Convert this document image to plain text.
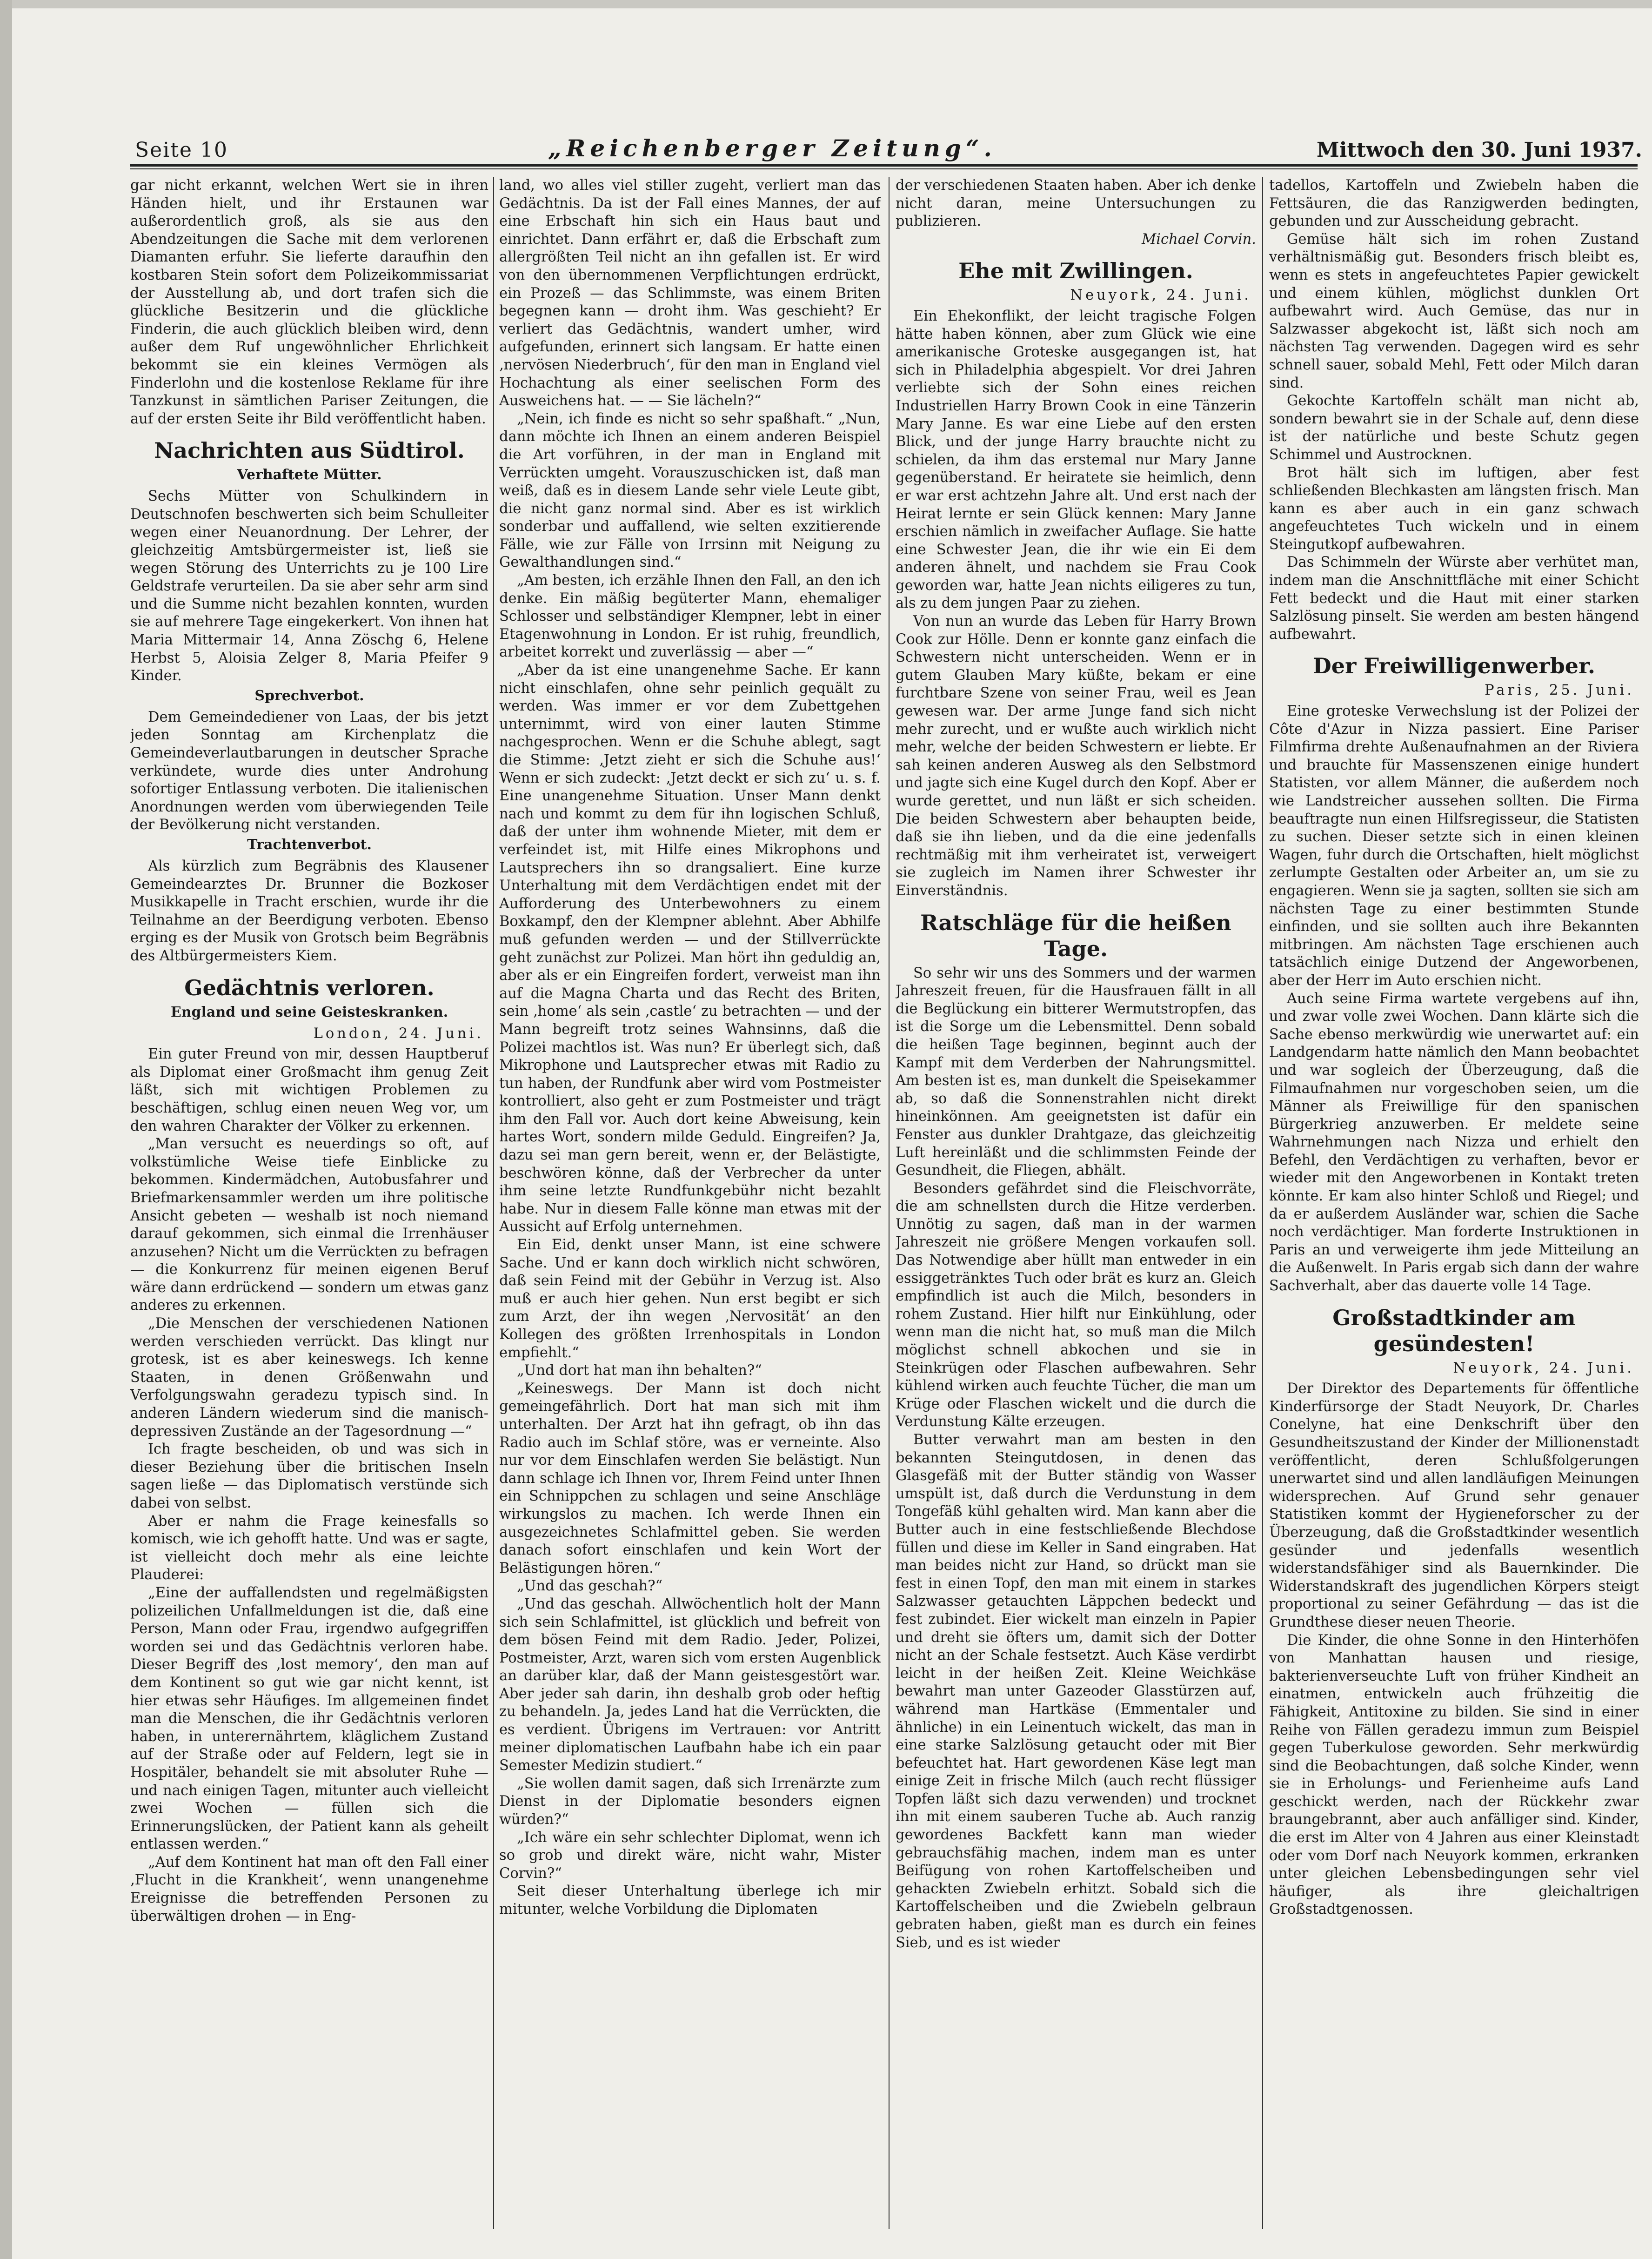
Seite 10	„Reichenberger Zeitung“.	Mittwoch den 30. Juni 1937.

gar nicht erkannt, welchen Wert sie in ihren Händen hielt, und ihr Erstaunen war außerordentlich groß, als sie aus den Abendzeitungen die Sache mit dem verlorenen Diamanten erfuhr. Sie lieferte daraufhin den kostbaren Stein sofort dem Polizeikommissariat der Ausstellung ab, und dort trafen sich die glückliche Besitzerin und die glückliche Finderin, die auch glücklich bleiben wird, denn außer dem Ruf ungewöhnlicher Ehrlichkeit bekommt sie ein kleines Vermögen als Finderlohn und die kostenlose Reklame für ihre Tanzkunst in sämtlichen Pariser Zeitungen, die auf der ersten Seite ihr Bild veröffentlicht haben.

Nachrichten aus Südtirol.
Verhaftete Mütter.

Sechs Mütter von Schulkindern in Deutschnofen beschwerten sich beim Schulleiter wegen einer Neuanordnung. Der Lehrer, der gleichzeitig Amtsbürgermeister ist, ließ sie wegen Störung des Unterrichts zu je 100 Lire Geldstrafe verurteilen. Da sie aber sehr arm sind und die Summe nicht bezahlen konnten, wurden sie auf mehrere Tage eingekerkert. Von ihnen hat Maria Mittermair 14, Anna Zöschg 6, Helene Herbst 5, Aloisia Zelger 8, Maria Pfeifer 9 Kinder.

Sprechverbot.

Dem Gemeindediener von Laas, der bis jetzt jeden Sonntag am Kirchenplatz die Gemeindeverlautbarungen in deutscher Sprache verkündete, wurde dies unter Androhung sofortiger Entlassung verboten. Die italienischen Anordnungen werden vom überwiegenden Teile der Bevölkerung nicht verstanden.

Trachtenverbot.

Als kürzlich zum Begräbnis des Klausener Gemeindearztes Dr. Brunner die Bozkoser Musikkapelle in Tracht erschien, wurde ihr die Teilnahme an der Beerdigung verboten. Ebenso erging es der Musik von Grotsch beim Begräbnis des Altbürgermeisters Kiem.

Gedächtnis verloren.
England und seine Geisteskranken.

London, 24. Juni.

Ein guter Freund von mir, dessen Hauptberuf als Diplomat einer Großmacht ihm genug Zeit läßt, sich mit wichtigen Problemen zu beschäftigen, schlug einen neuen Weg vor, um den wahren Charakter der Völker zu erkennen.

„Man versucht es neuerdings so oft, auf volkstümliche Weise tiefe Einblicke zu bekommen. Kindermädchen, Autobusfahrer und Briefmarkensammler werden um ihre politische Ansicht gebeten — weshalb ist noch niemand darauf gekommen, sich einmal die Irrenhäuser anzusehen? Nicht um die Verrückten zu befragen — die Konkurrenz für meinen eigenen Beruf wäre dann erdrückend — sondern um etwas ganz anderes zu erkennen.

„Die Menschen der verschiedenen Nationen werden verschieden verrückt. Das klingt nur grotesk, ist es aber keineswegs. Ich kenne Staaten, in denen Größenwahn und Verfolgungswahn geradezu typisch sind. In anderen Ländern wiederum sind die manisch-depressiven Zustände an der Tagesordnung —“

Ich fragte bescheiden, ob und was sich in dieser Beziehung über die britischen Inseln sagen ließe — das Diplomatisch verstünde sich dabei von selbst.

Aber er nahm die Frage keinesfalls so komisch, wie ich gehofft hatte. Und was er sagte, ist vielleicht doch mehr als eine leichte Plauderei:

„Eine der auffallendsten und regelmäßigsten polizeilichen Unfallmeldungen ist die, daß eine Person, Mann oder Frau, irgendwo aufgegriffen worden sei und das Gedächtnis verloren habe. Dieser Begriff des ‚lost memory‘, den man auf dem Kontinent so gut wie gar nicht kennt, ist hier etwas sehr Häufiges. Im allgemeinen findet man die Menschen, die ihr Gedächtnis verloren haben, in unterernährtem, kläglichem Zustand auf der Straße oder auf Feldern, legt sie in Hospitäler, behandelt sie mit absoluter Ruhe — und nach einigen Tagen, mitunter auch vielleicht zwei Wochen — füllen sich die Erinnerungslücken, der Patient kann als geheilt entlassen werden.“

„Auf dem Kontinent hat man oft den Fall einer ‚Flucht in die Krankheit‘, wenn unangenehme Ereignisse die betreffenden Personen zu überwältigen drohen — in Eng-

land, wo alles viel stiller zugeht, verliert man das Gedächtnis. Da ist der Fall eines Mannes, der auf eine Erbschaft hin sich ein Haus baut und einrichtet. Dann erfährt er, daß die Erbschaft zum allergrößten Teil nicht an ihn gefallen ist. Er wird von den übernommenen Verpflichtungen erdrückt, ein Prozeß — das Schlimmste, was einem Briten begegnen kann — droht ihm. Was geschieht? Er verliert das Gedächtnis, wandert umher, wird aufgefunden, erinnert sich langsam. Er hatte einen ‚nervösen Niederbruch‘, für den man in England viel Hochachtung als einer seelischen Form des Ausweichens hat. — — Sie lächeln?“

„Nein, ich finde es nicht so sehr spaßhaft.“ „Nun, dann möchte ich Ihnen an einem anderen Beispiel die Art vorführen, in der man in England mit Verrückten umgeht. Vorauszuschicken ist, daß man weiß, daß es in diesem Lande sehr viele Leute gibt, die nicht ganz normal sind. Aber es ist wirklich sonderbar und auffallend, wie selten exzitierende Fälle, wie zur Fälle von Irrsinn mit Neigung zu Gewalthandlungen sind.“

„Am besten, ich erzähle Ihnen den Fall, an den ich denke. Ein mäßig begüterter Mann, ehemaliger Schlosser und selbständiger Klempner, lebt in einer Etagenwohnung in London. Er ist ruhig, freundlich, arbeitet korrekt und zuverlässig — aber —“

„Aber da ist eine unangenehme Sache. Er kann nicht einschlafen, ohne sehr peinlich gequält zu werden. Was immer er vor dem Zubettgehen unternimmt, wird von einer lauten Stimme nachgesprochen. Wenn er die Schuhe ablegt, sagt die Stimme: ‚Jetzt zieht er sich die Schuhe aus!‘ Wenn er sich zudeckt: ‚Jetzt deckt er sich zu‘ u. s. f. Eine unangenehme Situation. Unser Mann denkt nach und kommt zu dem für ihn logischen Schluß, daß der unter ihm wohnende Mieter, mit dem er verfeindet ist, mit Hilfe eines Mikrophons und Lautsprechers ihn so drangsaliert. Eine kurze Unterhaltung mit dem Verdächtigen endet mit der Aufforderung des Unterbewohners zu einem Boxkampf, den der Klempner ablehnt. Aber Abhilfe muß gefunden werden — und der Stillverrückte geht zunächst zur Polizei. Man hört ihn geduldig an, aber als er ein Eingreifen fordert, verweist man ihn auf die Magna Charta und das Recht des Briten, sein ‚home‘ als sein ‚castle‘ zu betrachten — und der Mann begreift trotz seines Wahnsinns, daß die Polizei machtlos ist. Was nun? Er überlegt sich, daß Mikrophone und Lautsprecher etwas mit Radio zu tun haben, der Rundfunk aber wird vom Postmeister kontrolliert, also geht er zum Postmeister und trägt ihm den Fall vor. Auch dort keine Abweisung, kein hartes Wort, sondern milde Geduld. Eingreifen? Ja, dazu sei man gern bereit, wenn er, der Belästigte, beschwören könne, daß der Verbrecher da unter ihm seine letzte Rundfunkgebühr nicht bezahlt habe. Nur in diesem Falle könne man etwas mit der Aussicht auf Erfolg unternehmen.

Ein Eid, denkt unser Mann, ist eine schwere Sache. Und er kann doch wirklich nicht schwören, daß sein Feind mit der Gebühr in Verzug ist. Also muß er auch hier gehen. Nun erst begibt er sich zum Arzt, der ihn wegen ‚Nervosität‘ an den Kollegen des größten Irrenhospitals in London empfiehlt.“

„Und dort hat man ihn behalten?“

„Keineswegs. Der Mann ist doch nicht gemeingefährlich. Dort hat man sich mit ihm unterhalten. Der Arzt hat ihn gefragt, ob ihn das Radio auch im Schlaf störe, was er verneinte. Also nur vor dem Einschlafen werden Sie belästigt. Nun dann schlage ich Ihnen vor, Ihrem Feind unter Ihnen ein Schnippchen zu schlagen und seine Anschläge wirkungslos zu machen. Ich werde Ihnen ein ausgezeichnetes Schlafmittel geben. Sie werden danach sofort einschlafen und kein Wort der Belästigungen hören.“

„Und das geschah?“

„Und das geschah. Allwöchentlich holt der Mann sich sein Schlafmittel, ist glücklich und befreit von dem bösen Feind mit dem Radio. Jeder, Polizei, Postmeister, Arzt, waren sich vom ersten Augenblick an darüber klar, daß der Mann geistesgestört war. Aber jeder sah darin, ihn deshalb grob oder heftig zu behandeln. Ja, jedes Land hat die Verrückten, die es verdient. Übrigens im Vertrauen: vor Antritt meiner diplomatischen Laufbahn habe ich ein paar Semester Medizin studiert.“

„Sie wollen damit sagen, daß sich Irrenärzte zum Dienst in der Diplomatie besonders eignen würden?“

„Ich wäre ein sehr schlechter Diplomat, wenn ich so grob und direkt wäre, nicht wahr, Mister Corvin?“

Seit dieser Unterhaltung überlege ich mir mitunter, welche Vorbildung die Diplomaten

der verschiedenen Staaten haben. Aber ich denke nicht daran, meine Untersuchungen zu publizieren.

Michael Corvin.

Ehe mit Zwillingen.

Neuyork, 24. Juni.

Ein Ehekonflikt, der leicht tragische Folgen hätte haben können, aber zum Glück wie eine amerikanische Groteske ausgegangen ist, hat sich in Philadelphia abgespielt. Vor drei Jahren verliebte sich der Sohn eines reichen Industriellen Harry Brown Cook in eine Tänzerin Mary Janne. Es war eine Liebe auf den ersten Blick, und der junge Harry brauchte nicht zu schielen, da ihm das erstemal nur Mary Janne gegenüberstand. Er heiratete sie heimlich, denn er war erst achtzehn Jahre alt. Und erst nach der Heirat lernte er sein Glück kennen: Mary Janne erschien nämlich in zweifacher Auflage. Sie hatte eine Schwester Jean, die ihr wie ein Ei dem anderen ähnelt, und nachdem sie Frau Cook geworden war, hatte Jean nichts eiligeres zu tun, als zu dem jungen Paar zu ziehen.

Von nun an wurde das Leben für Harry Brown Cook zur Hölle. Denn er konnte ganz einfach die Schwestern nicht unterscheiden. Wenn er in gutem Glauben Mary küßte, bekam er eine furchtbare Szene von seiner Frau, weil es Jean gewesen war. Der arme Junge fand sich nicht mehr zurecht, und er wußte auch wirklich nicht mehr, welche der beiden Schwestern er liebte. Er sah keinen anderen Ausweg als den Selbstmord und jagte sich eine Kugel durch den Kopf. Aber er wurde gerettet, und nun läßt er sich scheiden. Die beiden Schwestern aber behaupten beide, daß sie ihn lieben, und da die eine jedenfalls rechtmäßig mit ihm verheiratet ist, verweigert sie zugleich im Namen ihrer Schwester ihr Einverständnis.

Ratschläge für die heißen Tage.

So sehr wir uns des Sommers und der warmen Jahreszeit freuen, für die Hausfrauen fällt in all die Beglückung ein bitterer Wermutstropfen, das ist die Sorge um die Lebensmittel. Denn sobald die heißen Tage beginnen, beginnt auch der Kampf mit dem Verderben der Nahrungsmittel. Am besten ist es, man dunkelt die Speisekammer ab, so daß die Sonnenstrahlen nicht direkt hineinkönnen. Am geeignetsten ist dafür ein Fenster aus dunkler Drahtgaze, das gleichzeitig Luft hereinläßt und die schlimmsten Feinde der Gesundheit, die Fliegen, abhält.

Besonders gefährdet sind die Fleischvorräte, die am schnellsten durch die Hitze verderben. Unnötig zu sagen, daß man in der warmen Jahreszeit nie größere Mengen vorkaufen soll. Das Notwendige aber hüllt man entweder in ein essiggetränktes Tuch oder brät es kurz an. Gleich empfindlich ist auch die Milch, besonders in rohem Zustand. Hier hilft nur Einkühlung, oder wenn man die nicht hat, so muß man die Milch möglichst schnell abkochen und sie in Steinkrügen oder Flaschen aufbewahren. Sehr kühlend wirken auch feuchte Tücher, die man um Krüge oder Flaschen wickelt und die durch die Verdunstung Kälte erzeugen.

Butter verwahrt man am besten in den bekannten Steingutdosen, in denen das Glasgefäß mit der Butter ständig von Wasser umspült ist, daß durch die Verdunstung in dem Tongefäß kühl gehalten wird. Man kann aber die Butter auch in eine festschließende Blechdose füllen und diese im Keller in Sand eingraben. Hat man beides nicht zur Hand, so drückt man sie fest in einen Topf, den man mit einem in starkes Salzwasser getauchten Läppchen bedeckt und fest zubindet. Eier wickelt man einzeln in Papier und dreht sie öfters um, damit sich der Dotter nicht an der Schale festsetzt. Auch Käse verdirbt leicht in der heißen Zeit. Kleine Weichkäse bewahrt man unter Gazeoder Glasstürzen auf, während man Hartkäse (Emmentaler und ähnliche) in ein Leinentuch wickelt, das man in eine starke Salzlösung getaucht oder mit Bier befeuchtet hat. Hart gewordenen Käse legt man einige Zeit in frische Milch (auch recht flüssiger Topfen läßt sich dazu verwenden) und trocknet ihn mit einem sauberen Tuche ab. Auch ranzig gewordenes Backfett kann man wieder gebrauchsfähig machen, indem man es unter Beifügung von rohen Kartoffelscheiben und gehackten Zwiebeln erhitzt. Sobald sich die Kartoffelscheiben und die Zwiebeln gelbraun gebraten haben, gießt man es durch ein feines Sieb, und es ist wieder

tadellos, Kartoffeln und Zwiebeln haben die Fettsäuren, die das Ranzigwerden bedingten, gebunden und zur Ausscheidung gebracht.

Gemüse hält sich im rohen Zustand verhältnismäßig gut. Besonders frisch bleibt es, wenn es stets in angefeuchtetes Papier gewickelt und einem kühlen, möglichst dunklen Ort aufbewahrt wird. Auch Gemüse, das nur in Salzwasser abgekocht ist, läßt sich noch am nächsten Tag verwenden. Dagegen wird es sehr schnell sauer, sobald Mehl, Fett oder Milch daran sind.

Gekochte Kartoffeln schält man nicht ab, sondern bewahrt sie in der Schale auf, denn diese ist der natürliche und beste Schutz gegen Schimmel und Austrocknen.

Brot hält sich im luftigen, aber fest schließenden Blechkasten am längsten frisch. Man kann es aber auch in ein ganz schwach angefeuchtetes Tuch wickeln und in einem Steingutkopf aufbewahren.

Das Schimmeln der Würste aber verhütet man, indem man die Anschnittfläche mit einer Schicht Fett bedeckt und die Haut mit einer starken Salzlösung pinselt. Sie werden am besten hängend aufbewahrt.

Der Freiwilligenwerber.

Paris, 25. Juni.

Eine groteske Verwechslung ist der Polizei der Côte d'Azur in Nizza passiert. Eine Pariser Filmfirma drehte Außenaufnahmen an der Riviera und brauchte für Massenszenen einige hundert Statisten, vor allem Männer, die außerdem noch wie Landstreicher aussehen sollten. Die Firma beauftragte nun einen Hilfsregisseur, die Statisten zu suchen. Dieser setzte sich in einen kleinen Wagen, fuhr durch die Ortschaften, hielt möglichst zerlumpte Gestalten oder Arbeiter an, um sie zu engagieren. Wenn sie ja sagten, sollten sie sich am nächsten Tage zu einer bestimmten Stunde einfinden, und sie sollten auch ihre Bekannten mitbringen. Am nächsten Tage erschienen auch tatsächlich einige Dutzend der Angeworbenen, aber der Herr im Auto erschien nicht.

Auch seine Firma wartete vergebens auf ihn, und zwar volle zwei Wochen. Dann klärte sich die Sache ebenso merkwürdig wie unerwartet auf: ein Landgendarm hatte nämlich den Mann beobachtet und war sogleich der Überzeugung, daß die Filmaufnahmen nur vorgeschoben seien, um die Männer als Freiwillige für den spanischen Bürgerkrieg anzuwerben. Er meldete seine Wahrnehmungen nach Nizza und erhielt den Befehl, den Verdächtigen zu verhaften, bevor er wieder mit den Angeworbenen in Kontakt treten könnte. Er kam also hinter Schloß und Riegel; und da er außerdem Ausländer war, schien die Sache noch verdächtiger. Man forderte Instruktionen in Paris an und verweigerte ihm jede Mitteilung an die Außenwelt. In Paris ergab sich dann der wahre Sachverhalt, aber das dauerte volle 14 Tage.

Großstadtkinder am gesündesten!

Neuyork, 24. Juni.

Der Direktor des Departements für öffentliche Kinderfürsorge der Stadt Neuyork, Dr. Charles Conelyne, hat eine Denkschrift über den Gesundheitszustand der Kinder der Millionenstadt veröffentlicht, deren Schlußfolgerungen unerwartet sind und allen landläufigen Meinungen widersprechen. Auf Grund sehr genauer Statistiken kommt der Hygieneforscher zu der Überzeugung, daß die Großstadtkinder wesentlich gesünder und jedenfalls wesentlich widerstandsfähiger sind als Bauernkinder. Die Widerstandskraft des jugendlichen Körpers steigt proportional zu seiner Gefährdung — das ist die Grundthese dieser neuen Theorie.

Die Kinder, die ohne Sonne in den Hinterhöfen von Manhattan hausen und riesige, bakterienverseuchte Luft von früher Kindheit an einatmen, entwickeln auch frühzeitig die Fähigkeit, Antitoxine zu bilden. Sie sind in einer Reihe von Fällen geradezu immun zum Beispiel gegen Tuberkulose geworden. Sehr merkwürdig sind die Beobachtungen, daß solche Kinder, wenn sie in Erholungs- und Ferienheime aufs Land geschickt werden, nach der Rückkehr zwar braungebrannt, aber auch anfälliger sind. Kinder, die erst im Alter von 4 Jahren aus einer Kleinstadt oder vom Dorf nach Neuyork kommen, erkranken unter gleichen Lebensbedingungen sehr viel häufiger, als ihre gleichaltrigen Großstadtgenossen.
